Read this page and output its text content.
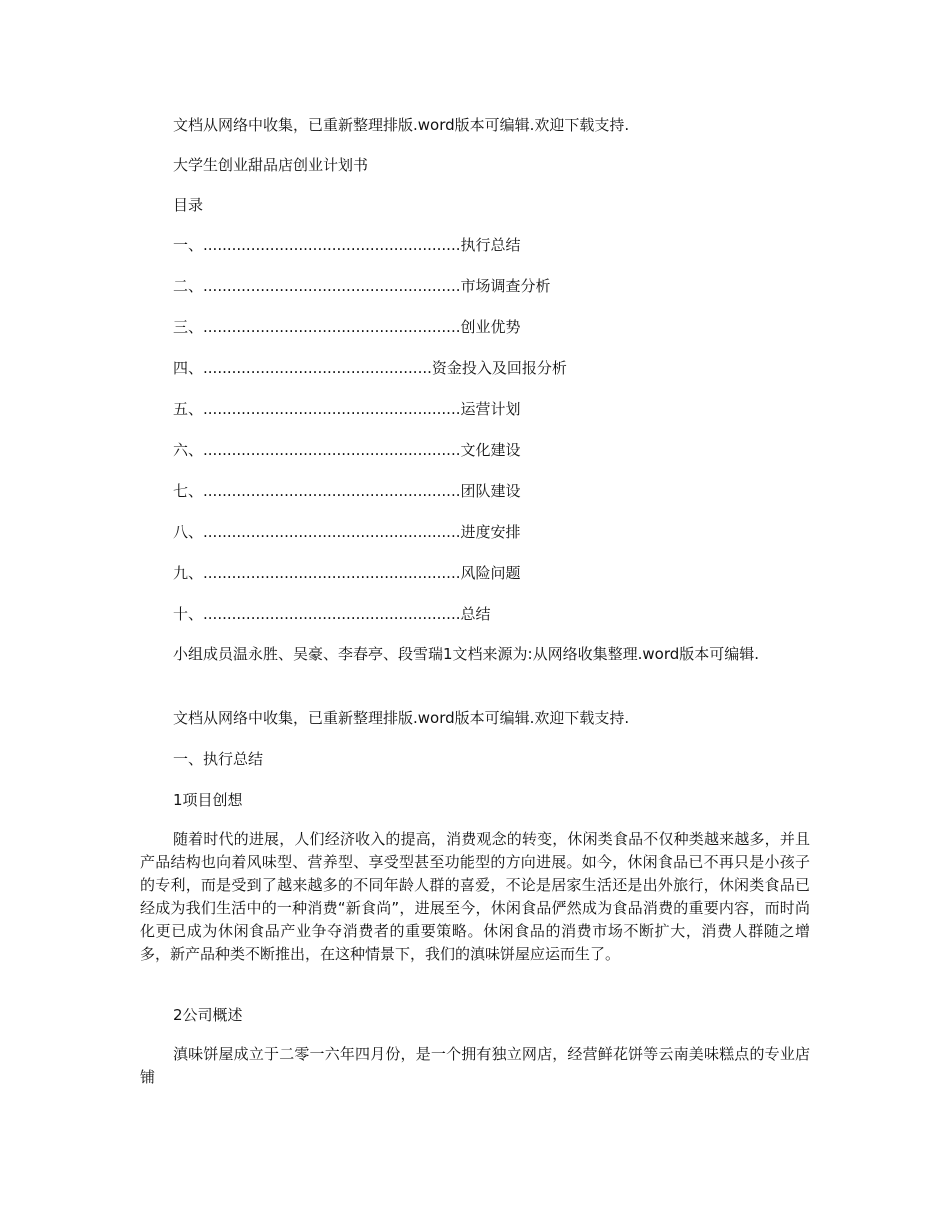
文档从网络中收集，已重新整理排版.word版本可编辑.欢迎下载支持.
大学生创业甜品店创业计划书
目录
一、......................................................执行总结
二、......................................................市场调查分析
三、......................................................创业优势
四、................................................资金投入及回报分析
五、......................................................运营计划
六、......................................................文化建设
七、......................................................团队建设
八、......................................................进度安排
九、......................................................风险问题
十、......................................................总结
小组成员温永胜、吴豪、李春亭、段雪瑞1文档来源为:从网络收集整理.word版本可编辑.
文档从网络中收集，已重新整理排版.word版本可编辑.欢迎下载支持.
一、执行总结
1项目创想
随着时代的进展，人们经济收入的提高，消费观念的转变，休闲类食品不仅种类越来越多，并且产品结构也向着风味型、营养型、享受型甚至功能型的方向进展。如今，休闲食品已不再只是小孩子的专利，而是受到了越来越多的不同年龄人群的喜爱，不论是居家生活还是出外旅行，休闲类食品已经成为我们生活中的一种消费“新食尚”，进展至今，休闲食品俨然成为食品消费的重要内容，而时尚化更已成为休闲食品产业争夺消费者的重要策略。休闲食品的消费市场不断扩大，消费人群随之增多，新产品种类不断推出，在这种情景下，我们的滇味饼屋应运而生了。
2公司概述
滇味饼屋成立于二零一六年四月份，是一个拥有独立网店，经营鲜花饼等云南美味糕点的专业店铺
